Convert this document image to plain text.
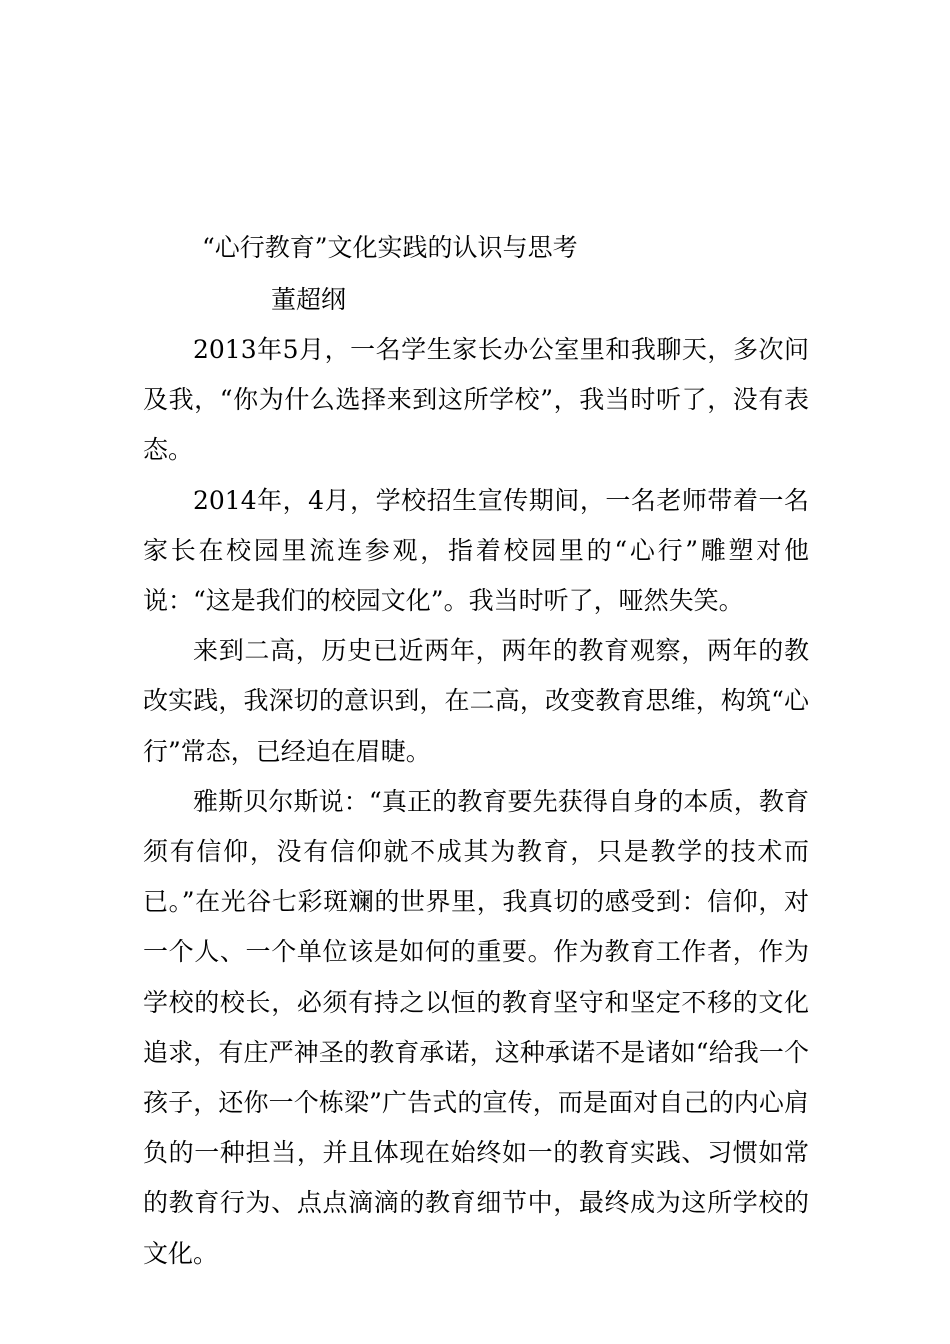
“心行教育”文化实践的认识与思考
董超纲

2013年5月，一名学生家长办公室里和我聊天，多次问及我，“你为什么选择来到这所学校”，我当时听了，没有表态。

2014年，4月，学校招生宣传期间，一名老师带着一名家长在校园里流连参观，指着校园里的“心行”雕塑对他说：“这是我们的校园文化”。我当时听了，哑然失笑。

来到二高，历史已近两年，两年的教育观察，两年的教改实践，我深切的意识到，在二高，改变教育思维，构筑“心行”常态，已经迫在眉睫。

雅斯贝尔斯说：“真正的教育要先获得自身的本质，教育须有信仰，没有信仰就不成其为教育，只是教学的技术而已。”在光谷七彩斑斓的世界里，我真切的感受到：信仰，对一个人、一个单位该是如何的重要。作为教育工作者，作为学校的校长，必须有持之以恒的教育坚守和坚定不移的文化追求，有庄严神圣的教育承诺，这种承诺不是诸如“给我一个孩子，还你一个栋梁”广告式的宣传，而是面对自己的内心肩负的一种担当，并且体现在始终如一的教育实践、习惯如常的教育行为、点点滴滴的教育细节中，最终成为这所学校的文化。
